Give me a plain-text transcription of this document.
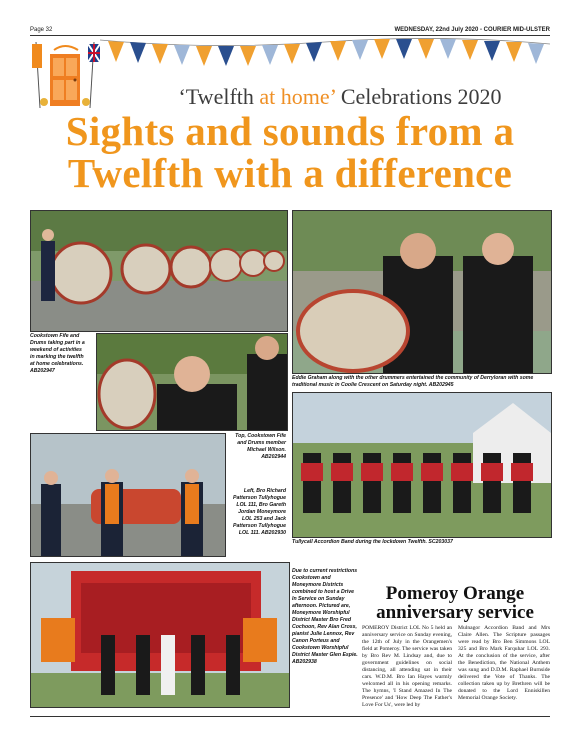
Page 32	WEDNESDAY, 22nd July 2020 - COURIER MID-ULSTER
‘Twelfth at home’ Celebrations 2020
Sights and sounds from a
Twelfth with a difference
Cookstown Fife and Drums taking part in a weekend of activities in marking the twelfth at home celebrations. AB202947
Eddie Graham along with the other drummers entertained the community of Derryloran with some traditional music in Coolie Crescent on Saturday night. AB202945
Top, Cookstown Fife and Drums member Michael Wilson. AB202944
Left, Bro Richard Patterson Tullyhogue LOL 111, Bro Gareth Jordan Moneymore LOL 253 and Jack Patterson Tullyhogue LOL 111. AB202930
Tullycall Accordion Band during the lockdown Twelfth. SC203037
Due to current restrictions Cookstown and Moneymore Districts combined to host a Drive In Service on Sunday afternoon. Pictured are, Moneymore Worshipful District Master Bro Fred Cochoon, Rev Alan Cross, pianist Julie Lennox, Rev Canon Porteus and Cookstown Worshipful District Master Glen Espie. AB202938
Pomeroy Orange
anniversary service
POMEROY District LOL No 5 held an anniversary service on Sunday evening, the 12th of July in the Orangemen's field at Pomeroy. The service was taken by Bro Rev M. Lindsay and, due to government guidelines on social distancing, all attending sat in their cars. W.D.M. Bro Ian Hayes warmly welcomed all in his opening remarks. The hymns, 'I Stand Amazed In The Presence' and 'How Deep The Father's Love For Us', were led by
Mulnagor Accordion Band and Mrs Claire Allen. The Scripture passages were read by Bro Ben Simmons LOL 325 and Bro Mark Farquhar LOL 293. At the conclusion of the service, after the Benediction, the National Anthem was sung and D.D.M. Raphael Burnside delivered the Vote of Thanks. The collection taken up by Brethren will be donated to the Lord Enniskillen Memorial Orange Society.
